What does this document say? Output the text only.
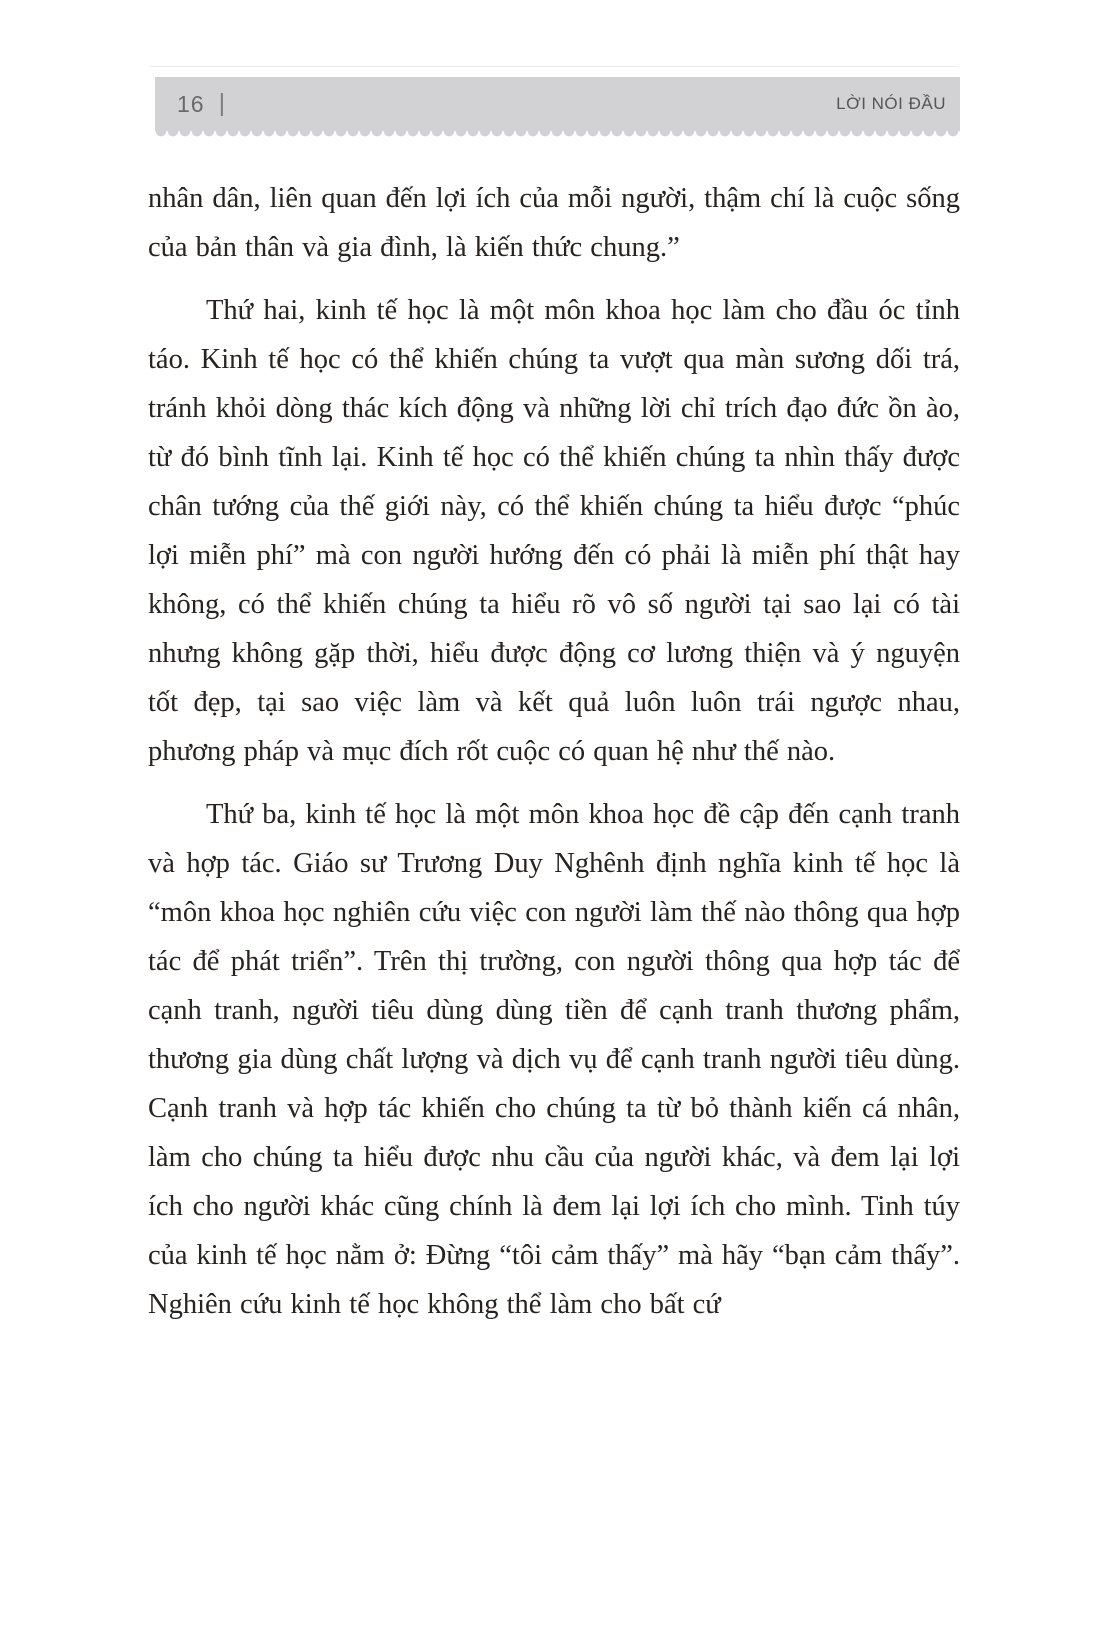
16 |	LỜI NÓI ĐẦU

nhân dân, liên quan đến lợi ích của mỗi người, thậm chí là cuộc sống của bản thân và gia đình, là kiến thức chung.”

Thứ hai, kinh tế học là một môn khoa học làm cho đầu óc tỉnh táo. Kinh tế học có thể khiến chúng ta vượt qua màn sương dối trá, tránh khỏi dòng thác kích động và những lời chỉ trích đạo đức ồn ào, từ đó bình tĩnh lại. Kinh tế học có thể khiến chúng ta nhìn thấy được chân tướng của thế giới này, có thể khiến chúng ta hiểu được “phúc lợi miễn phí” mà con người hướng đến có phải là miễn phí thật hay không, có thể khiến chúng ta hiểu rõ vô số người tại sao lại có tài nhưng không gặp thời, hiểu được động cơ lương thiện và ý nguyện tốt đẹp, tại sao việc làm và kết quả luôn luôn trái ngược nhau, phương pháp và mục đích rốt cuộc có quan hệ như thế nào.

Thứ ba, kinh tế học là một môn khoa học đề cập đến cạnh tranh và hợp tác. Giáo sư Trương Duy Nghênh định nghĩa kinh tế học là “môn khoa học nghiên cứu việc con người làm thế nào thông qua hợp tác để phát triển”. Trên thị trường, con người thông qua hợp tác để cạnh tranh, người tiêu dùng dùng tiền để cạnh tranh thương phẩm, thương gia dùng chất lượng và dịch vụ để cạnh tranh người tiêu dùng. Cạnh tranh và hợp tác khiến cho chúng ta từ bỏ thành kiến cá nhân, làm cho chúng ta hiểu được nhu cầu của người khác, và đem lại lợi ích cho người khác cũng chính là đem lại lợi ích cho mình. Tinh túy của kinh tế học nằm ở: Đừng “tôi cảm thấy” mà hãy “bạn cảm thấy”. Nghiên cứu kinh tế học không thể làm cho bất cứ
